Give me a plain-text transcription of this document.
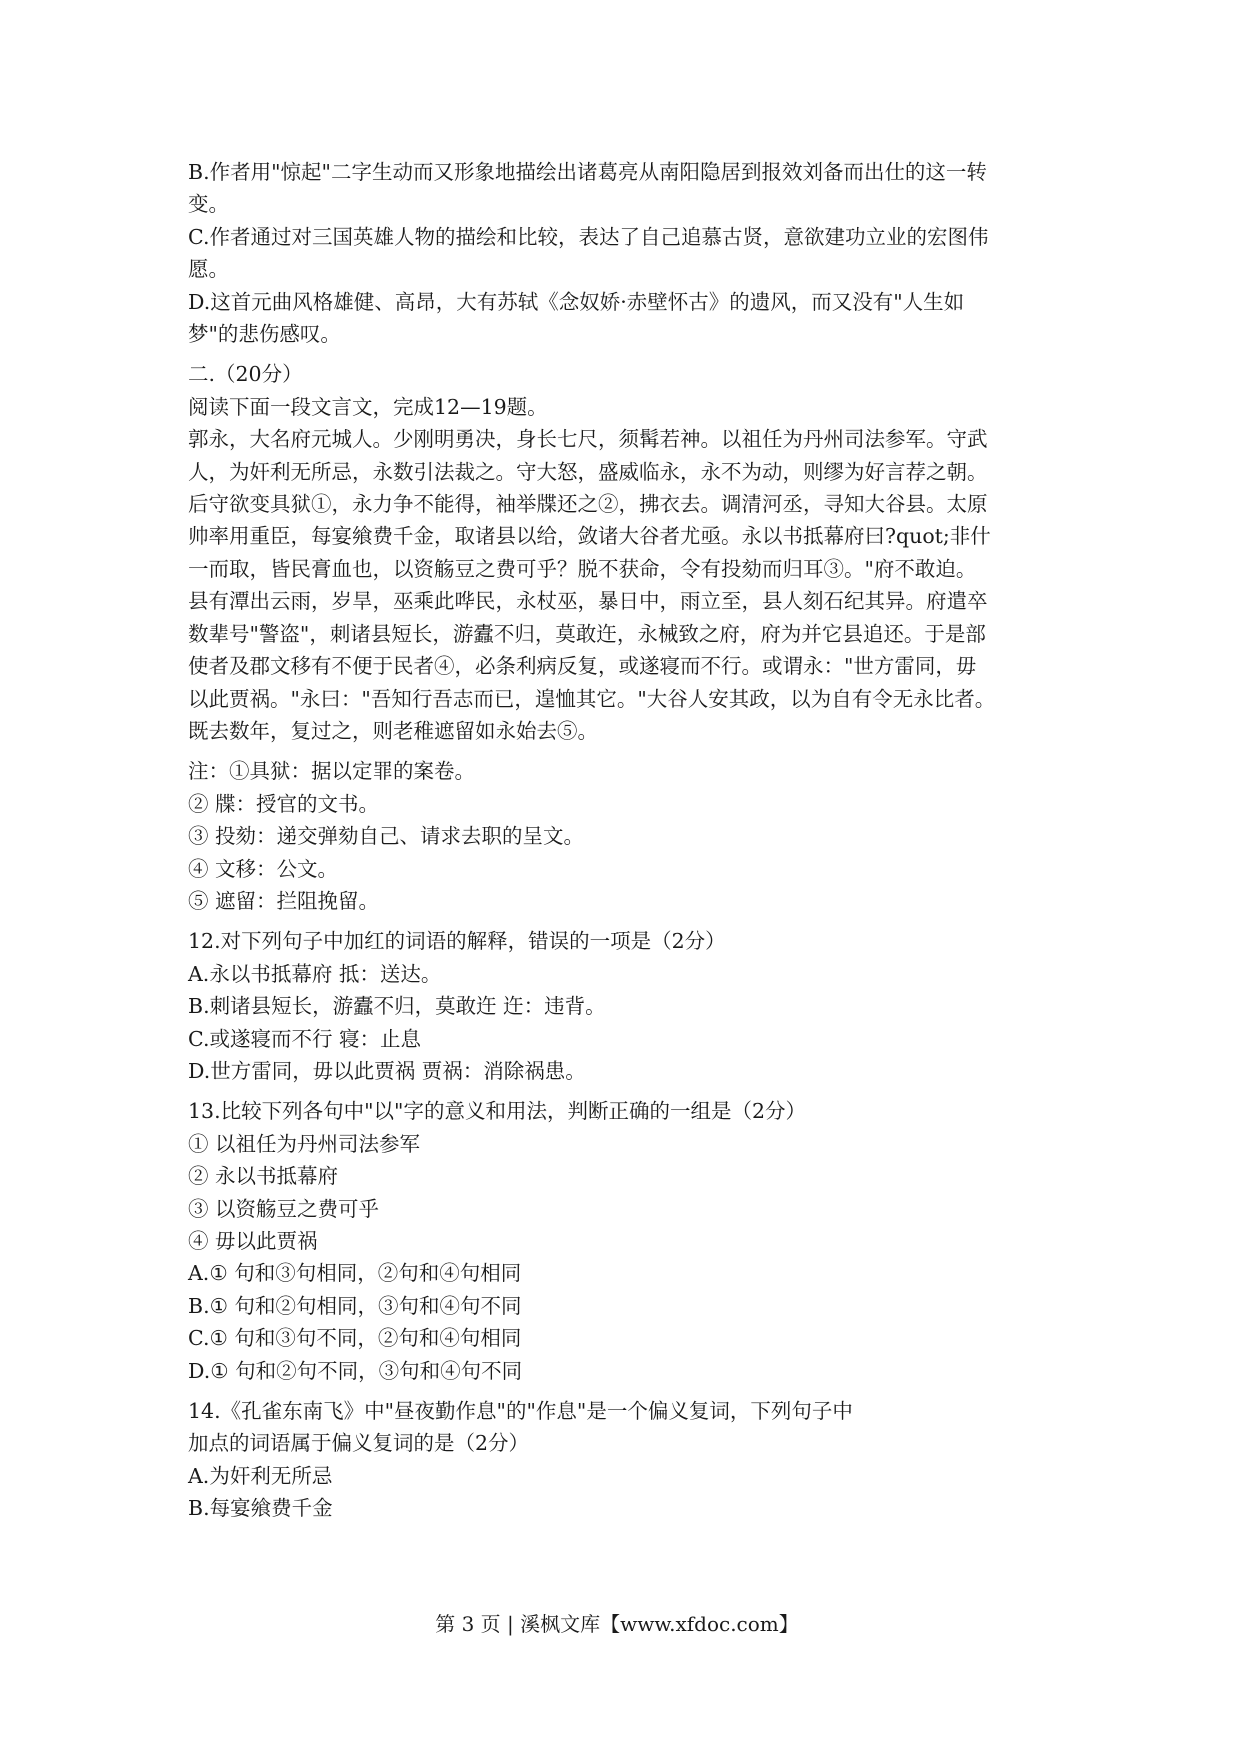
B.作者用"惊起"二字生动而又形象地描绘出诸葛亮从南阳隐居到报效刘备而出仕的这一转
变。
C.作者通过对三国英雄人物的描绘和比较，表达了自己追慕古贤，意欲建功立业的宏图伟
愿。
D.这首元曲风格雄健、高昂，大有苏轼《念奴娇·赤壁怀古》的遗风，而又没有"人生如
梦"的悲伤感叹。
二.（20分）
阅读下面一段文言文，完成12—19题。
郭永，大名府元城人。少刚明勇决，身长七尺，须髯若神。以祖任为丹州司法参军。守武
人，为奸利无所忌，永数引法裁之。守大怒，盛威临永，永不为动，则缪为好言荐之朝。
后守欲变具狱①，永力争不能得，袖举牒还之②，拂衣去。调清河丞，寻知大谷县。太原
帅率用重臣，每宴飨费千金，取诸县以给，敛诸大谷者尤亟。永以书抵幕府曰?quot;非什
一而取，皆民膏血也，以资觞豆之费可乎？脱不获命，令有投劾而归耳③。"府不敢迫。
县有潭出云雨，岁旱，巫乘此哗民，永杖巫，暴日中，雨立至，县人刻石纪其异。府遣卒
数辈号"警盗"，刺诸县短长，游蠹不归，莫敢迕，永械致之府，府为并它县追还。于是部
使者及郡文移有不便于民者④，必条利病反复，或遂寝而不行。或谓永："世方雷同，毋
以此贾祸。"永曰："吾知行吾志而已，遑恤其它。"大谷人安其政，以为自有令无永比者。
既去数年，复过之，则老稚遮留如永始去⑤。
注：①具狱：据以定罪的案卷。
② 牒：授官的文书。
③ 投劾：递交弹劾自己、请求去职的呈文。
④ 文移：公文。
⑤ 遮留：拦阻挽留。
12.对下列句子中加红的词语的解释，错误的一项是（2分）
A.永以书抵幕府 抵：送达。
B.刺诸县短长，游蠹不归，莫敢迕 迕：违背。
C.或遂寝而不行 寝：止息
D.世方雷同，毋以此贾祸 贾祸：消除祸患。
13.比较下列各句中"以"字的意义和用法，判断正确的一组是（2分）
① 以祖任为丹州司法参军
② 永以书抵幕府
③ 以资觞豆之费可乎
④ 毋以此贾祸
A.① 句和③句相同，②句和④句相同
B.① 句和②句相同，③句和④句不同
C.① 句和③句不同，②句和④句相同
D.① 句和②句不同，③句和④句不同
14.《孔雀东南飞》中"昼夜勤作息"的"作息"是一个偏义复词，下列句子中
加点的词语属于偏义复词的是（2分）
A.为奸利无所忌
B.每宴飨费千金
第 3 页 | 溪枫文库【www.xfdoc.com】
